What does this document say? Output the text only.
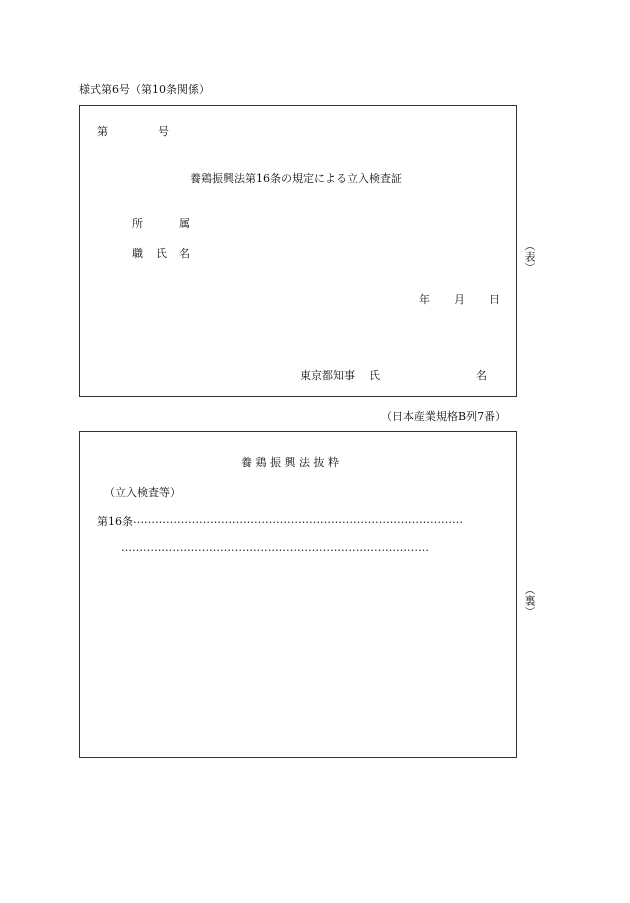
様式第6号（第10条関係）
第	号
養鶏振興法第16条の規定による立入検査証
所	属
職 氏 名
年 月 日
東京都知事 氏	名
（表）
（日本産業規格B列7番）
養 鶏 振 興 法 抜 粋
（立入検査等）
第16条 ………………………………………………………………………………
…………………………………………………………………………
（裏）
